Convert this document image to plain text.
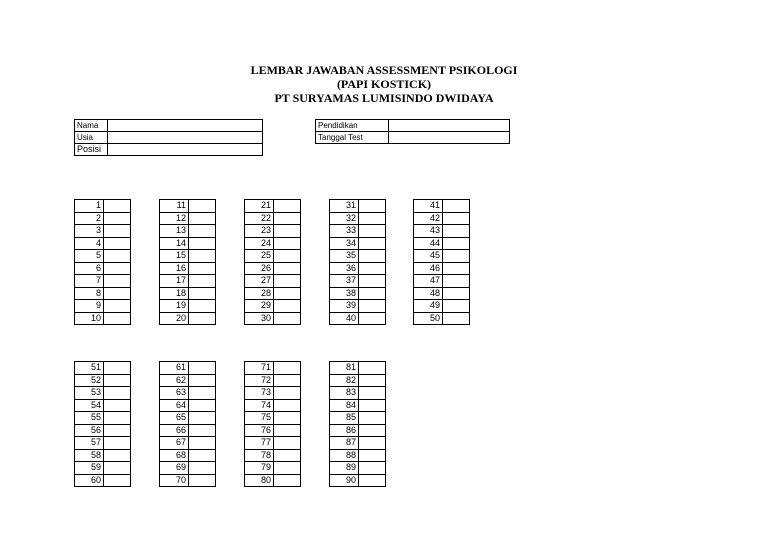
LEMBAR JAWABAN ASSESSMENT PSIKOLOGI
(PAPI KOSTICK)
PT SURYAMAS LUMISINDO DWIDAYA
Nama	
Usia	
Posisi	
Pendidikan	
Tanggal Test	
1	
2	
3	
4	
5	
6	
7	
8	
9	
10	
11	
12	
13	
14	
15	
16	
17	
18	
19	
20	
21	
22	
23	
24	
25	
26	
27	
28	
29	
30	
31	
32	
33	
34	
35	
36	
37	
38	
39	
40	
41	
42	
43	
44	
45	
46	
47	
48	
49	
50	
51	
52	
53	
54	
55	
56	
57	
58	
59	
60	
61	
62	
63	
64	
65	
66	
67	
68	
69	
70	
71	
72	
73	
74	
75	
76	
77	
78	
79	
80	
81	
82	
83	
84	
85	
86	
87	
88	
89	
90	
